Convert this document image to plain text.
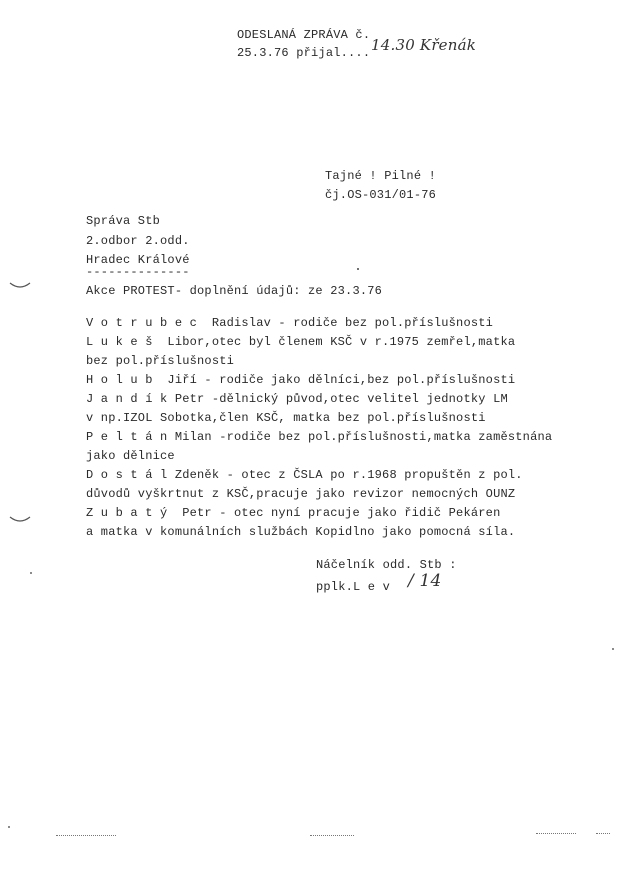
ODESLANÁ ZPRÁVA č.
25.3.76 přijal.... 14.30 Křenák
Tajné ! Pilné !
čj.OS-031/01-76
Správa Stb
2.odbor 2.odd.
Hradec Králové
--------------
Akce PROTEST- doplnění údajů: ze 23.3.76
V o t r u b e c  Radislav - rodiče bez pol.příslušnosti
L u k e š  Libor,otec byl členem KSČ v r.1975 zemřel,matka
bez pol.příslušnosti
H o l u b  Jiří - rodiče jako dělníci,bez pol.příslušnosti
J a n d í k Petr -dělnický původ,otec velitel jednotky LM
v np.IZOL Sobotka,člen KSČ, matka bez pol.příslušnosti
P e l t á n Milan -rodiče bez pol.příslušnosti,matka zaměstnána
jako dělnice
D o s t á l Zdeněk - otec z ČSLA po r.1968 propuštěn z pol.
důvodů vyškrtnut z KSČ,pracuje jako revizor nemocných OUNZ
Z u b a t ý  Petr - otec nyní pracuje jako řidič Pekáren
a matka v komunálních službách Kopidlno jako pomocná síla.
Náčelník odd. Stb :
pplk.L e v / 14
